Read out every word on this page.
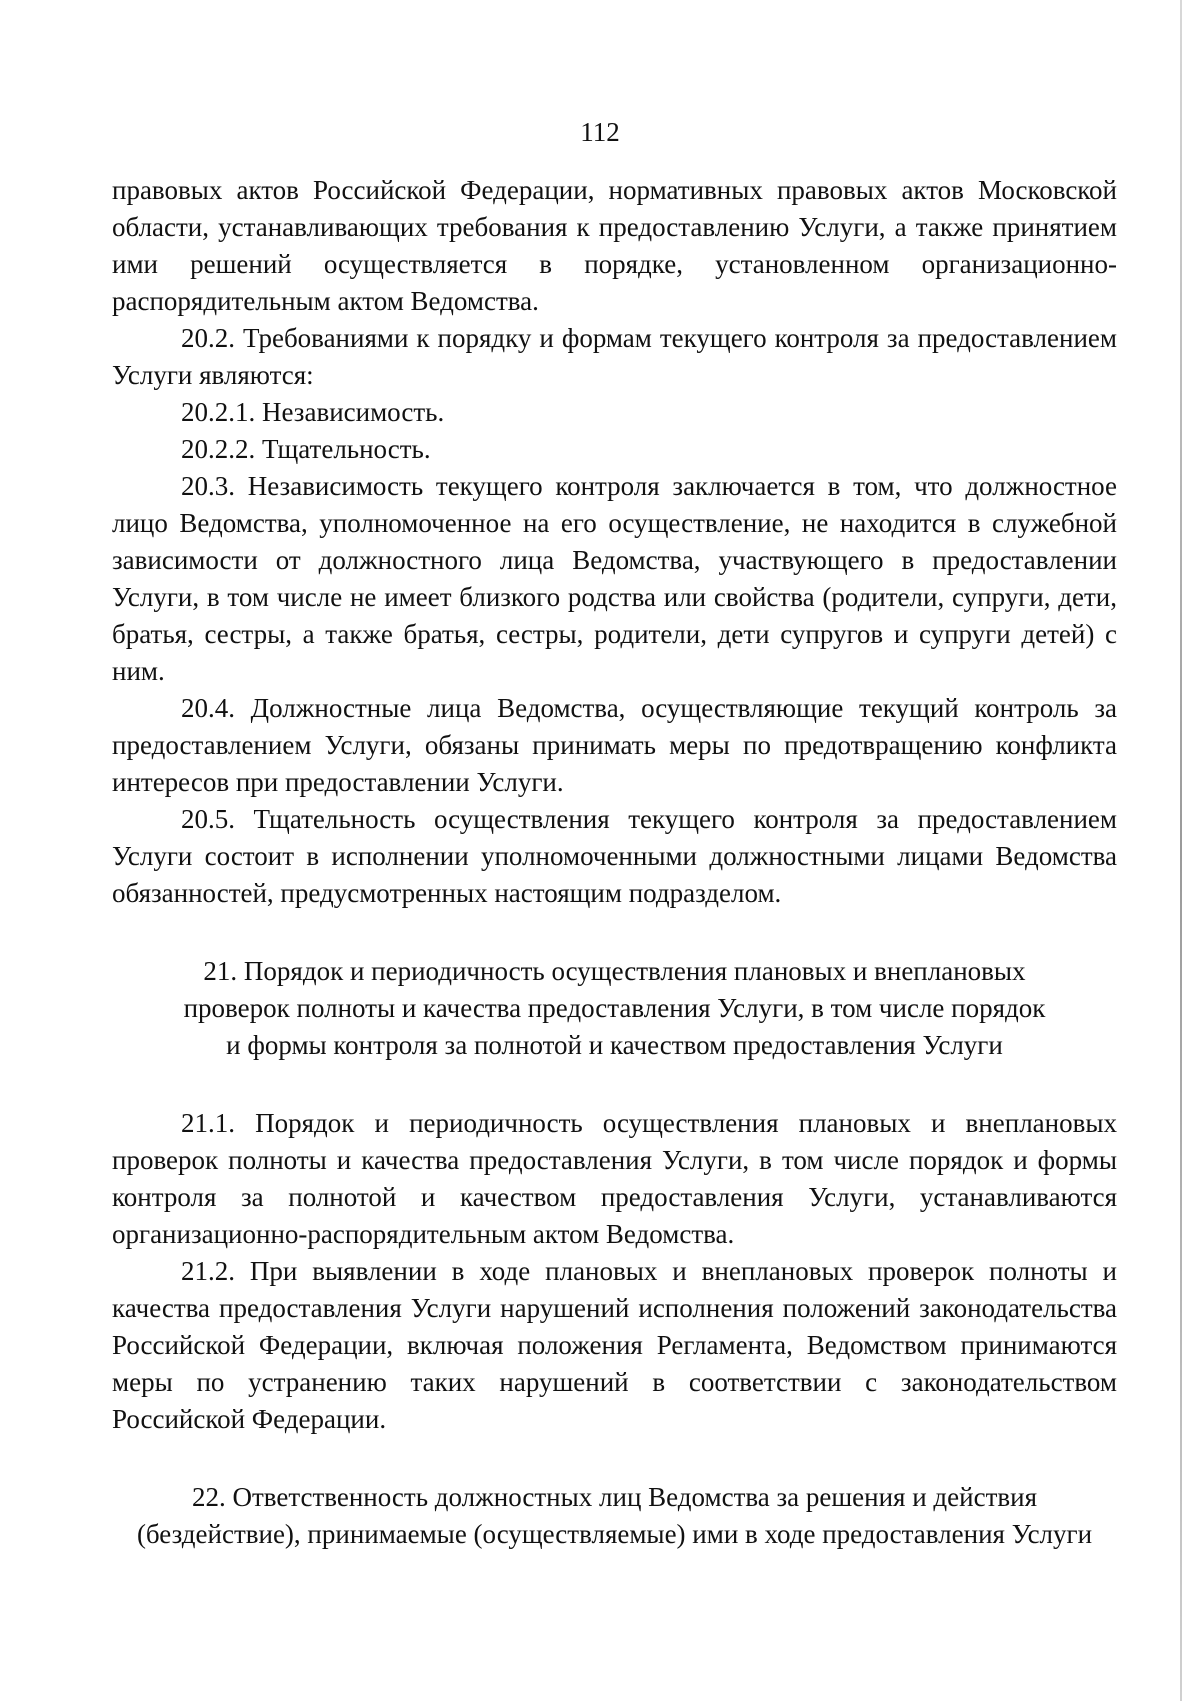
112

правовых актов Российской Федерации, нормативных правовых актов Московской области, устанавливающих требования к предоставлению Услуги, а также принятием ими решений осуществляется в порядке, установленном организационно-распорядительным актом Ведомства.

20.2. Требованиями к порядку и формам текущего контроля за предоставлением Услуги являются:

20.2.1. Независимость.

20.2.2. Тщательность.

20.3. Независимость текущего контроля заключается в том, что должностное лицо Ведомства, уполномоченное на его осуществление, не находится в служебной зависимости от должностного лица Ведомства, участвующего в предоставлении Услуги, в том числе не имеет близкого родства или свойства (родители, супруги, дети, братья, сестры, а также братья, сестры, родители, дети супругов и супруги детей) с ним.

20.4. Должностные лица Ведомства, осуществляющие текущий контроль за предоставлением Услуги, обязаны принимать меры по предотвращению конфликта интересов при предоставлении Услуги.

20.5. Тщательность осуществления текущего контроля за предоставлением Услуги состоит в исполнении уполномоченными должностными лицами Ведомства обязанностей, предусмотренных настоящим подразделом.

21. Порядок и периодичность осуществления плановых и внеплановых
проверок полноты и качества предоставления Услуги, в том числе порядок
и формы контроля за полнотой и качеством предоставления Услуги

21.1. Порядок и периодичность осуществления плановых и внеплановых проверок полноты и качества предоставления Услуги, в том числе порядок и формы контроля за полнотой и качеством предоставления Услуги, устанавливаются организационно-распорядительным актом Ведомства.

21.2. При выявлении в ходе плановых и внеплановых проверок полноты и качества предоставления Услуги нарушений исполнения положений законодательства Российской Федерации, включая положения Регламента, Ведомством принимаются меры по устранению таких нарушений в соответствии с законодательством Российской Федерации.

22. Ответственность должностных лиц Ведомства за решения и действия
(бездействие), принимаемые (осуществляемые) ими в ходе предоставления Услуги
